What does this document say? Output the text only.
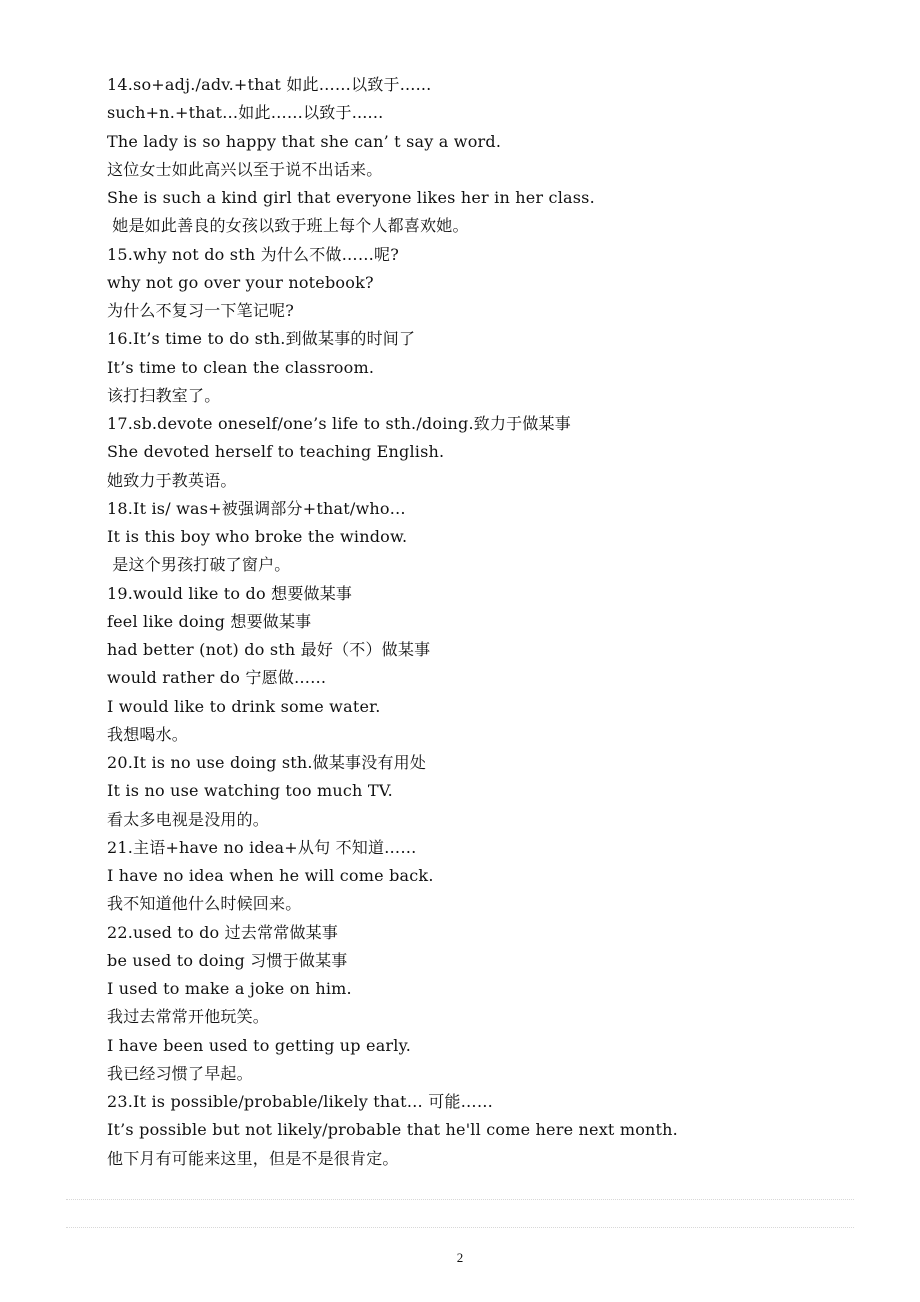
14.so+adj./adv.+that 如此……以致于......
such+n.+that…如此……以致于......
The lady is so happy that she can’ t say a word.
这位女士如此高兴以至于说不出话来。
She is such a kind girl that everyone likes her in her class.
她是如此善良的女孩以致于班上每个人都喜欢她。
15.why not do sth 为什么不做……呢?
why not go over your notebook?
为什么不复习一下笔记呢?
16.It’s time to do sth.到做某事的时间了
It’s time to clean the classroom.
该打扫教室了。
17.sb.devote oneself/one’s life to sth./doing.致力于做某事
She devoted herself to teaching English.
她致力于教英语。
18.It is/ was+被强调部分+that/who…
It is this boy who broke the window.
是这个男孩打破了窗户。
19.would like to do 想要做某事
feel like doing 想要做某事
had better (not) do sth 最好（不）做某事
would rather do 宁愿做……
I would like to drink some water.
我想喝水。
20.It is no use doing sth.做某事没有用处
It is no use watching too much TV.
看太多电视是没用的。
21.主语+have no idea+从句 不知道……
I have no idea when he will come back.
我不知道他什么时候回来。
22.used to do 过去常常做某事
be used to doing 习惯于做某事
I used to make a joke on him.
我过去常常开他玩笑。
I have been used to getting up early.
我已经习惯了早起。
23.It is possible/probable/likely that… 可能……
It’s possible but not likely/probable that he'll come here next month.
他下月有可能来这里，但是不是很肯定。
2
